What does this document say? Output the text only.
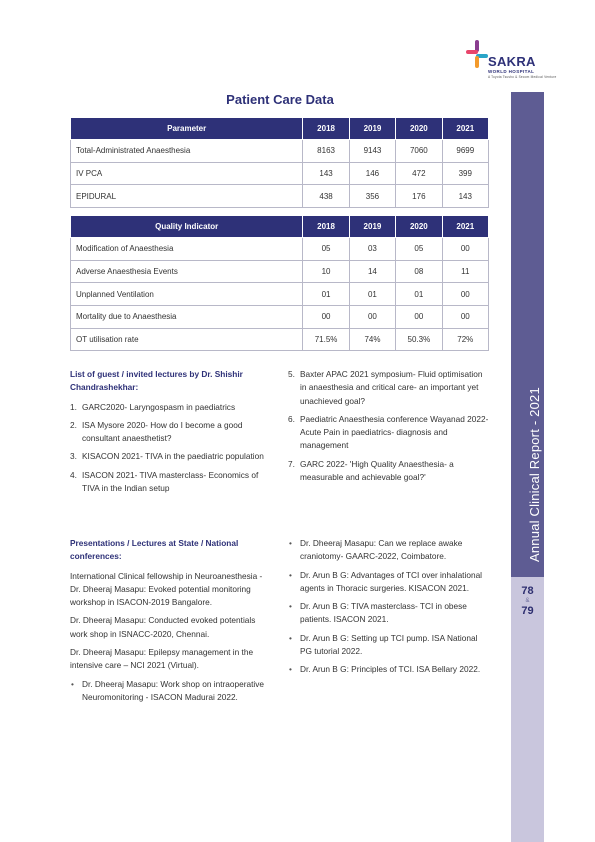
SAKRA
WORLD HOSPITAL
A Toyota Tsusho & Secom Medical Venture
Annual Clinical Report - 2021
78
&
79
Patient Care Data
Parameter	2018	2019	2020	2021
Total-Administrated Anaesthesia	8163	9143	7060	9699
IV PCA	143	146	472	399
EPIDURAL	438	356	176	143
Quality Indicator	2018	2019	2020	2021
Modification of Anaesthesia	05	03	05	00
Adverse Anaesthesia Events	10	14	08	11
Unplanned Ventilation	01	01	01	00
Mortality due to Anaesthesia	00	00	00	00
OT utilisation rate	71.5%	74%	50.3%	72%
List of guest / invited lectures by Dr. Shishir Chandrashekhar:
1. GARC2020- Laryngospasm in paediatrics
2. ISA Mysore 2020- How do I become a good consultant anaesthetist?
3. KISACON 2021- TIVA in the paediatric population
4. ISACON 2021- TIVA masterclass- Economics of TIVA in the Indian setup
5. Baxter APAC 2021 symposium- Fluid optimisation in anaesthesia and critical care- an important yet unachieved goal?
6. Paediatric Anaesthesia conference Wayanad 2022- Acute Pain in paediatrics- diagnosis and management
7. GARC 2022- 'High Quality Anaesthesia- a measurable and achievable goal?'
Presentations / Lectures at State / National conferences:
International Clinical fellowship in Neuroanesthesia - Dr. Dheeraj Masapu: Evoked potential monitoring workshop in ISACON-2019 Bangalore.
Dr. Dheeraj Masapu: Conducted evoked potentials work shop in ISNACC-2020, Chennai.
Dr. Dheeraj Masapu: Epilepsy management in the intensive care – NCI 2021 (Virtual).
• Dr. Dheeraj Masapu: Work shop on intraoperative Neuromonitoring - ISACON Madurai 2022.
• Dr. Dheeraj Masapu: Can we replace awake craniotomy- GAARC-2022, Coimbatore.
• Dr. Arun B G: Advantages of TCI over inhalational agents in Thoracic surgeries. KISACON 2021.
• Dr. Arun B G: TIVA masterclass- TCI in obese patients. ISACON 2021.
• Dr. Arun B G: Setting up TCI pump. ISA National PG tutorial 2022.
• Dr. Arun B G: Principles of TCI. ISA Bellary 2022.
